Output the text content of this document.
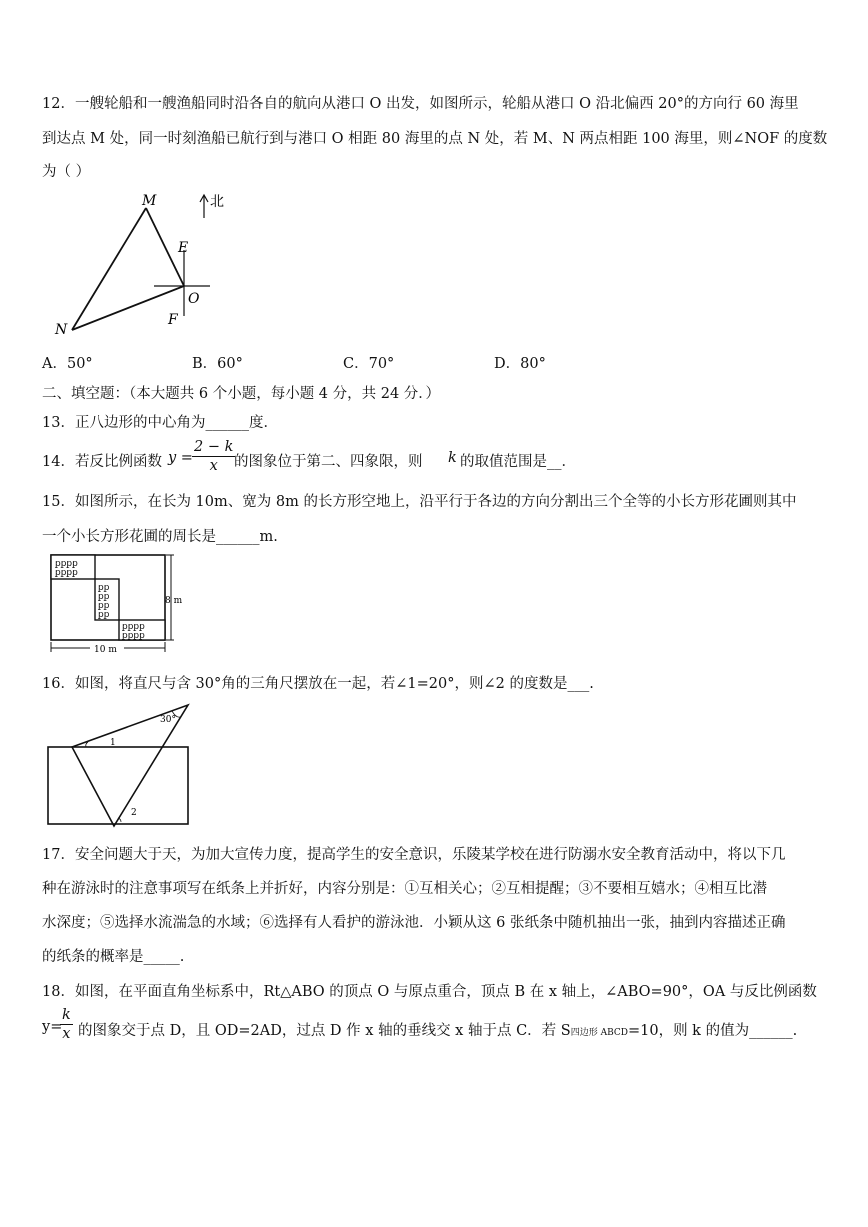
12．一艘轮船和一艘渔船同时沿各自的航向从港口 O 出发，如图所示，轮船从港口 O 沿北偏西 20°的方向行 60 海里
到达点 M 处，同一时刻渔船已航行到与港口 O 相距 80 海里的点 N 处，若 M、N 两点相距 100 海里，则∠NOF 的度数
为（ ）
M
N
E
O
F
北
A．50°	B．60°	C．70°	D．80°
二、填空题：（本大题共 6 个小题，每小题 4 分，共 24 分．）
13．正八边形的中心角为______度．
14．若反比例函数 $y = \frac{2 - k}{x}$
的图象位于第二、四象限，则 k 的取值范围是__．
15．如图所示，在长为 10m、宽为 8m 的长方形空地上，沿平行于各边的方向分割出三个全等的小长方形花圃则其中
一个小长方形花圃的周长是______m.
ꝑꝑꝑꝑ
ꝑꝑꝑꝑ
ꝑꝑ
ꝑꝑ
ꝑꝑ
ꝑꝑ
ꝑꝑꝑꝑ
ꝑꝑꝑꝑ
8 m
10 m
16．如图，将直尺与含 30°角的三角尺摆放在一起，若∠1=20°，则∠2 的度数是___.
30°
1
2
17．安全问题大于天，为加大宣传力度，提高学生的安全意识，乐陵某学校在进行防溺水安全教育活动中，将以下几
种在游泳时的注意事项写在纸条上并折好，内容分别是：①互相关心；②互相提醒；③不要相互嬉水；④相互比潜
水深度；⑤选择水流湍急的水域；⑥选择有人看护的游泳池．小颖从这 6 张纸条中随机抽出一张，抽到内容描述正确
的纸条的概率是_____.
18．如图，在平面直角坐标系中，Rt△ABO 的顶点 O 与原点重合，顶点 B 在 x 轴上，∠ABO=90°，OA 与反比例函数
y=
$\frac{k}{x}$ 的图象交于点 D，且 OD=2AD，过点 D 作 x 轴的垂线交 x 轴于点 C．若 S四边形 ABCD=10，则 k 的值为______.
